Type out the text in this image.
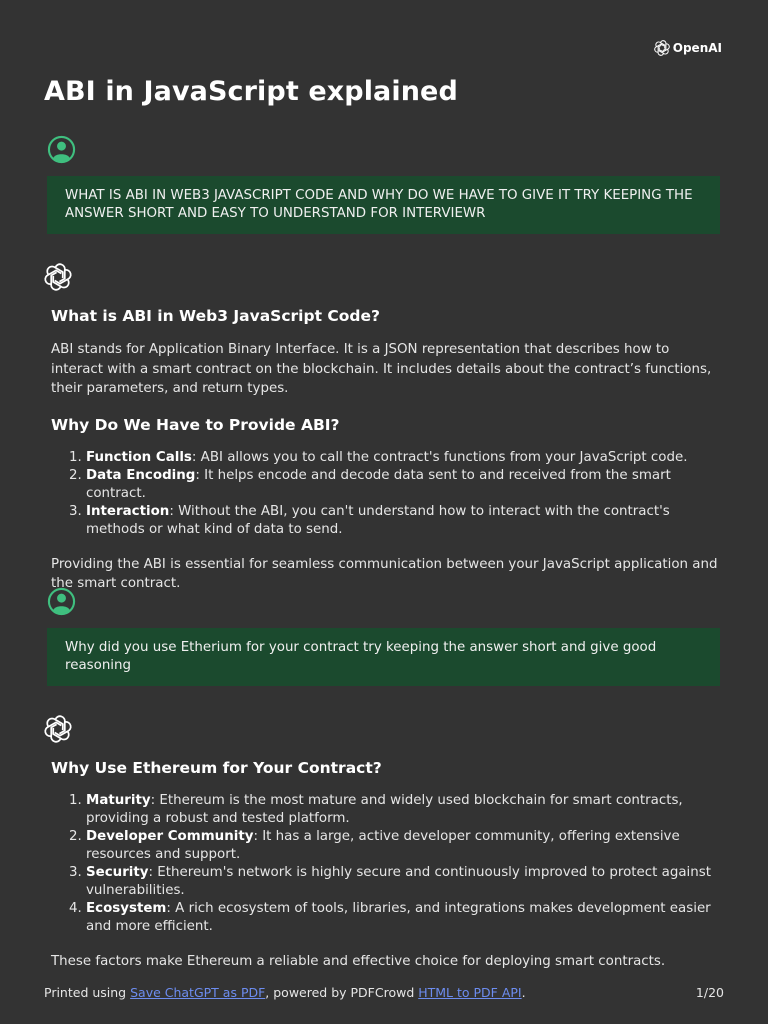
OpenAI
ABI in JavaScript explained
WHAT IS ABI IN WEB3 JAVASCRIPT CODE AND WHY DO WE HAVE TO GIVE IT TRY KEEPING THE ANSWER SHORT AND EASY TO UNDERSTAND FOR INTERVIEWR
What is ABI in Web3 JavaScript Code?

ABI stands for Application Binary Interface. It is a JSON representation that describes how to interact with a smart contract on the blockchain. It includes details about the contract’s functions, their parameters, and return types.

Why Do We Have to Provide ABI?
1. Function Calls: ABI allows you to call the contract's functions from your JavaScript code.
2. Data Encoding: It helps encode and decode data sent to and received from the smart contract.
3. Interaction: Without the ABI, you can't understand how to interact with the contract's methods or what kind of data to send.

Providing the ABI is essential for seamless communication between your JavaScript application and the smart contract.

Why did you use Etherium for your contract try keeping the answer short and give good reasoning
Why Use Ethereum for Your Contract?
1. Maturity: Ethereum is the most mature and widely used blockchain for smart contracts, providing a robust and tested platform.
2. Developer Community: It has a large, active developer community, offering extensive resources and support.
3. Security: Ethereum's network is highly secure and continuously improved to protect against vulnerabilities.
4. Ecosystem: A rich ecosystem of tools, libraries, and integrations makes development easier and more efficient.

These factors make Ethereum a reliable and effective choice for deploying smart contracts.

Printed using Save ChatGPT as PDF, powered by PDFCrowd HTML to PDF API.	1/20
